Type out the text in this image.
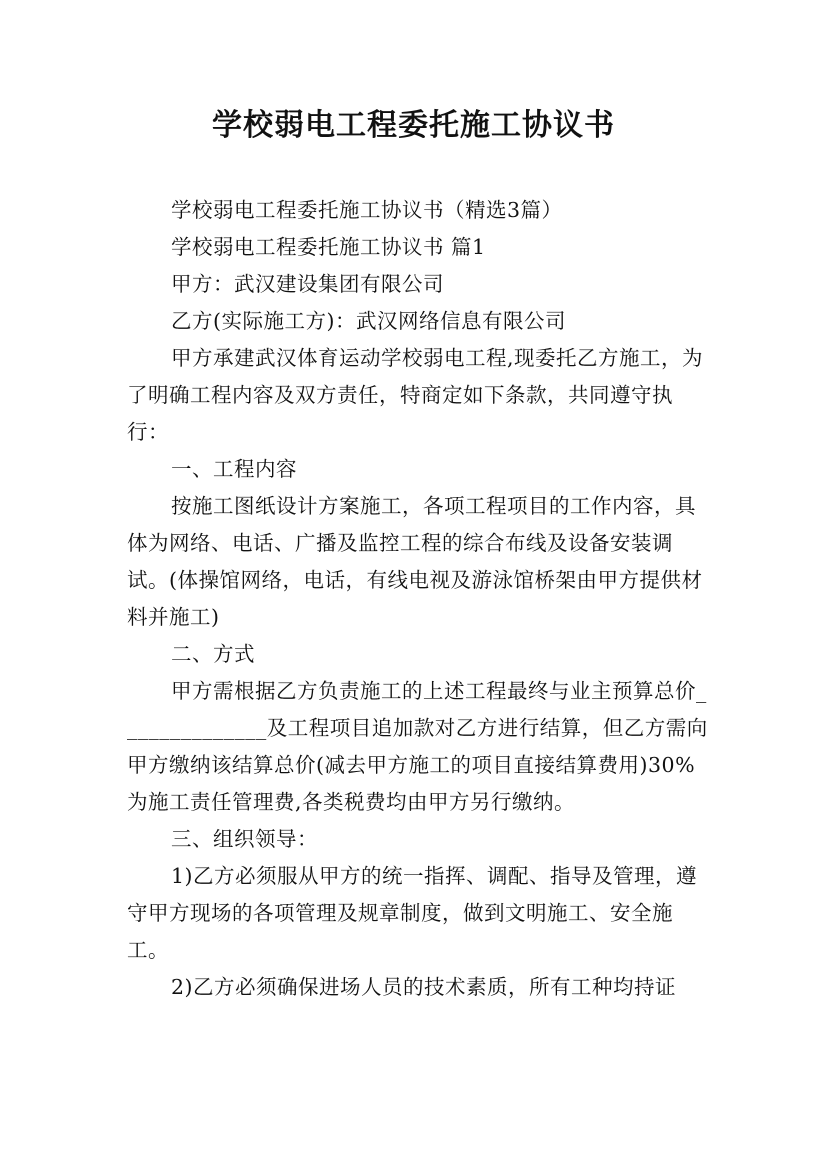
学校弱电工程委托施工协议书

学校弱电工程委托施工协议书（精选3篇）

学校弱电工程委托施工协议书 篇1

甲方：武汉建设集团有限公司

乙方(实际施工方)：武汉网络信息有限公司

甲方承建武汉体育运动学校弱电工程,现委托乙方施工，为了明确工程内容及双方责任，特商定如下条款，共同遵守执行：

一、工程内容

按施工图纸设计方案施工，各项工程项目的工作内容，具体为网络、电话、广播及监控工程的综合布线及设备安装调试。(体操馆网络，电话，有线电视及游泳馆桥架由甲方提供材料并施工)

二、方式

甲方需根据乙方负责施工的上述工程最终与业主预算总价______________及工程项目追加款对乙方进行结算，但乙方需向甲方缴纳该结算总价(减去甲方施工的项目直接结算费用)30%为施工责任管理费,各类税费均由甲方另行缴纳。

三、组织领导：

1)乙方必须服从甲方的统一指挥、调配、指导及管理，遵守甲方现场的各项管理及规章制度，做到文明施工、安全施工。

2)乙方必须确保进场人员的技术素质，所有工种均持证
